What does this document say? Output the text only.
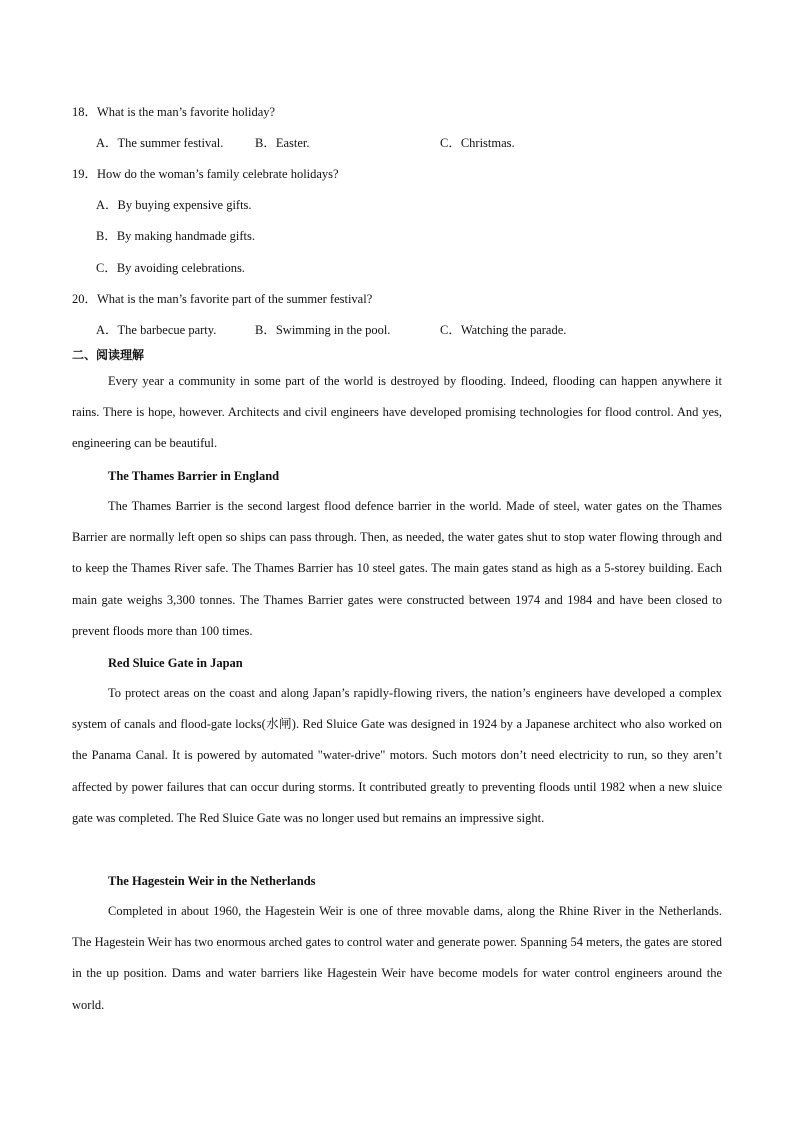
18．What is the man’s favorite holiday?
A．The summer festival.	B．Easter.	C．Christmas.
19．How do the woman’s family celebrate holidays?
A．By buying expensive gifts.
B．By making handmade gifts.
C．By avoiding celebrations.
20．What is the man’s favorite part of the summer festival?
A．The barbecue party.	B．Swimming in the pool.	C．Watching the parade.
二、阅读理解
Every year a community in some part of the world is destroyed by flooding. Indeed, flooding can happen anywhere it rains. There is hope, however. Architects and civil engineers have developed promising technologies for flood control. And yes, engineering can be beautiful.
The Thames Barrier in England
The Thames Barrier is the second largest flood defence barrier in the world. Made of steel, water gates on the Thames Barrier are normally left open so ships can pass through. Then, as needed, the water gates shut to stop water flowing through and to keep the Thames River safe. The Thames Barrier has 10 steel gates. The main gates stand as high as a 5-storey building. Each main gate weighs 3,300 tonnes. The Thames Barrier gates were constructed between 1974 and 1984 and have been closed to prevent floods more than 100 times.
Red Sluice Gate in Japan
To protect areas on the coast and along Japan’s rapidly-flowing rivers, the nation’s engineers have developed a complex system of canals and flood-gate locks(水闸). Red Sluice Gate was designed in 1924 by a Japanese architect who also worked on the Panama Canal. It is powered by automated "water-drive" motors. Such motors don’t need electricity to run, so they aren’t affected by power failures that can occur during storms. It contributed greatly to preventing floods until 1982 when a new sluice gate was completed. The Red Sluice Gate was no longer used but remains an impressive sight.
The Hagestein Weir in the Netherlands
Completed in about 1960, the Hagestein Weir is one of three movable dams, along the Rhine River in the Netherlands. The Hagestein Weir has two enormous arched gates to control water and generate power. Spanning 54 meters, the gates are stored in the up position. Dams and water barriers like Hagestein Weir have become models for water control engineers around the world.
